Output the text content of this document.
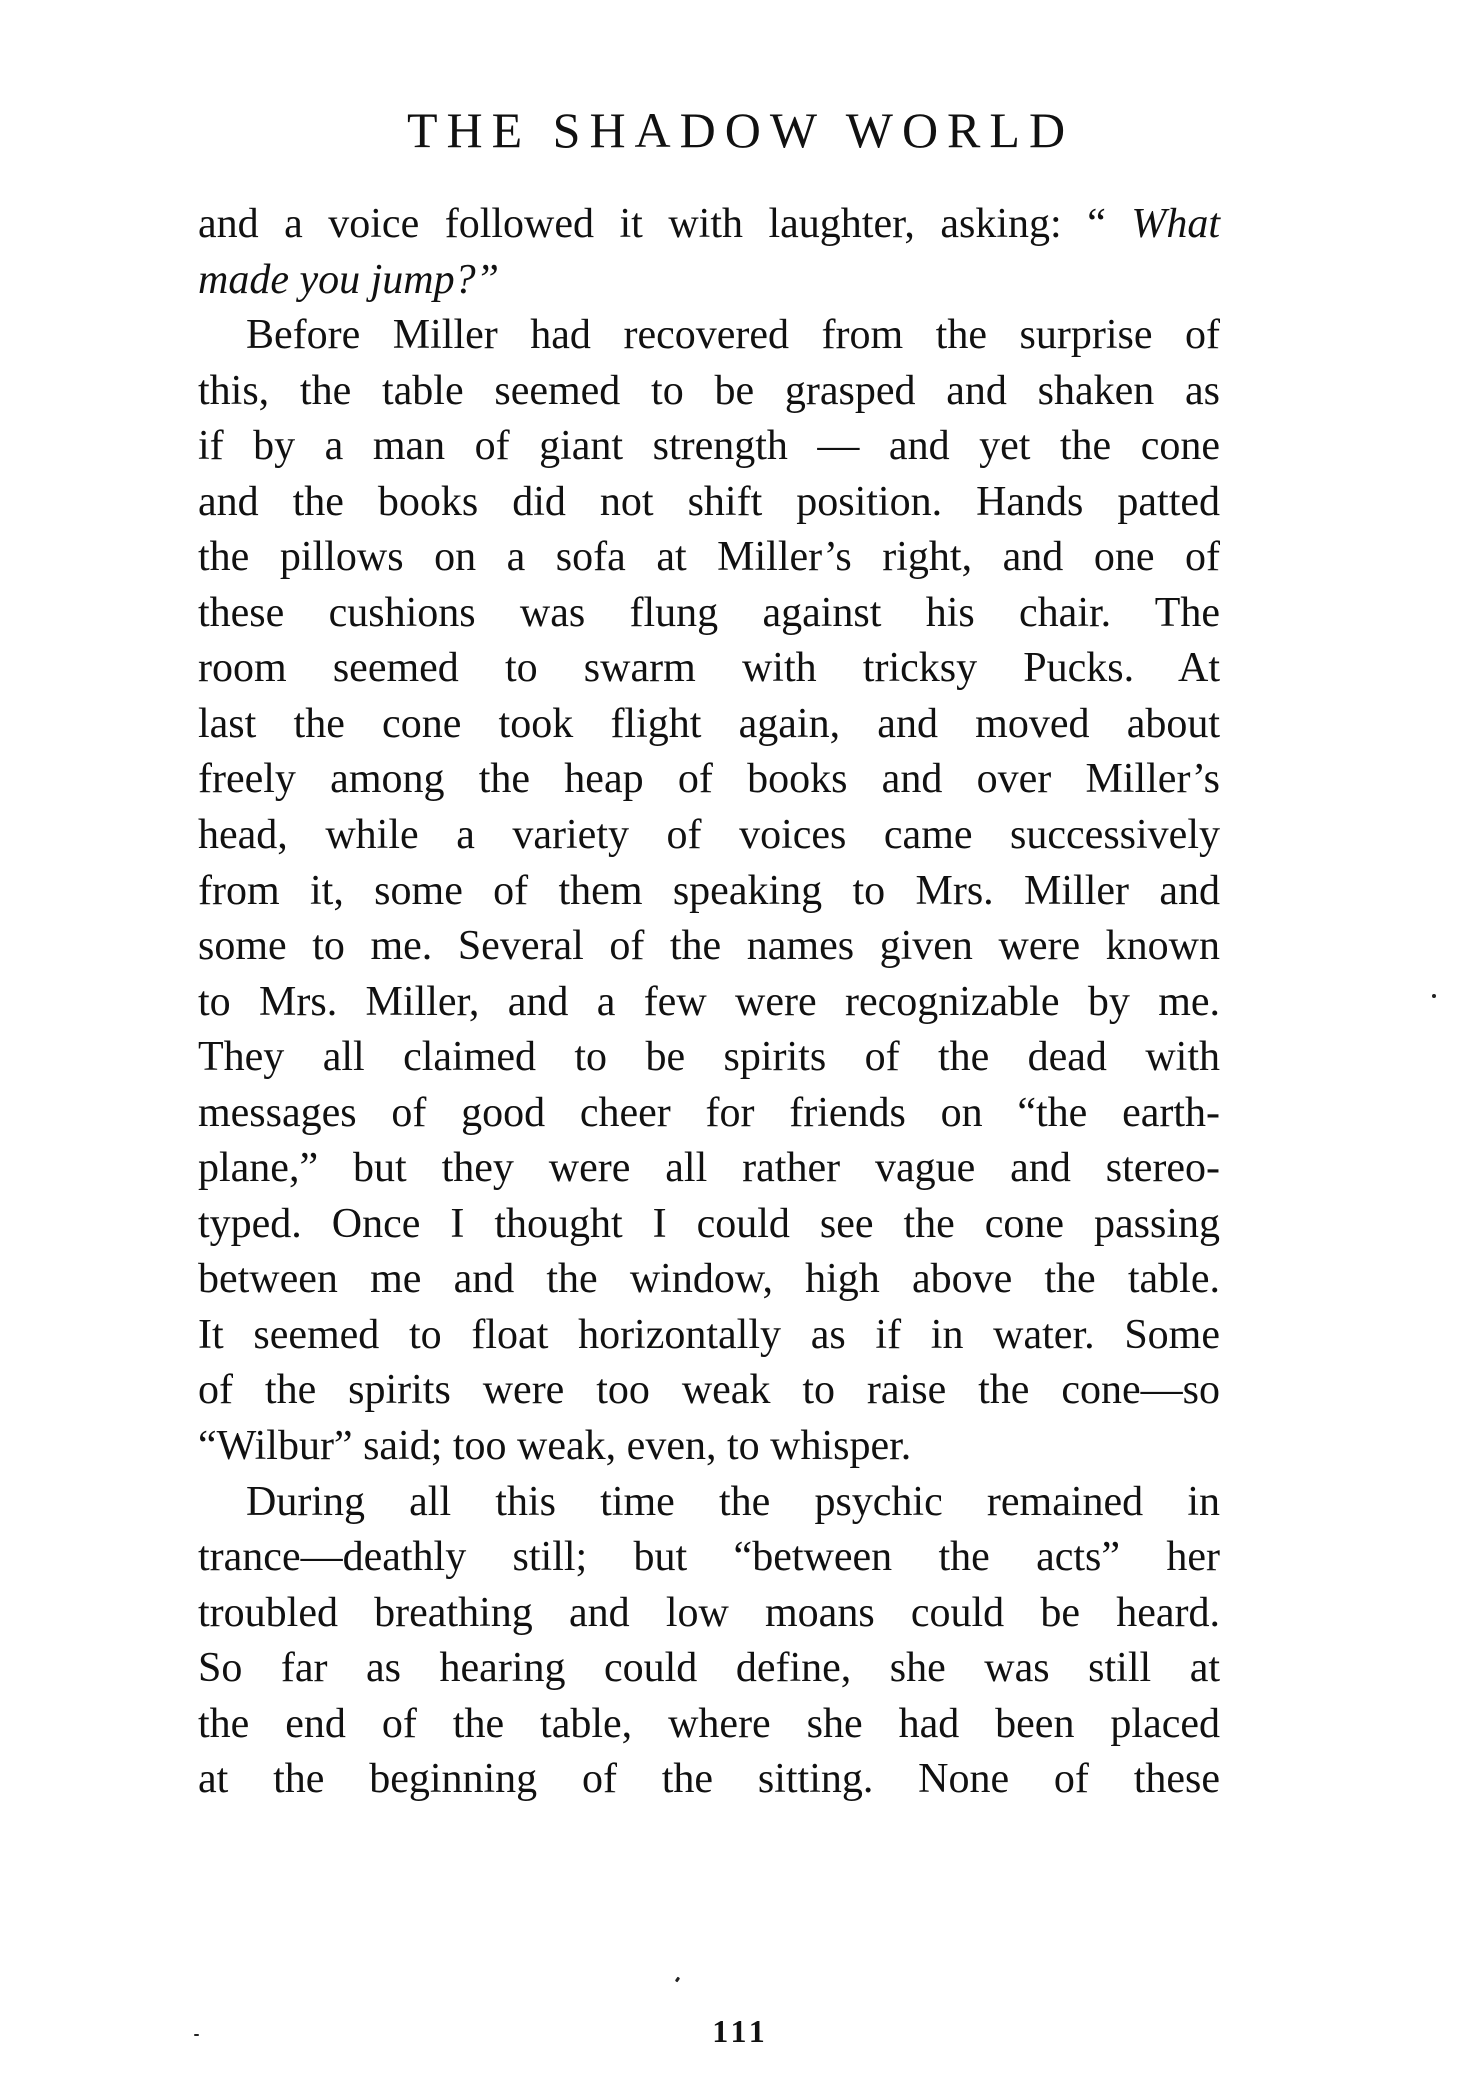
THE SHADOW WORLD
and a voice followed it with laughter, asking: “ What
made you jump?”
Before Miller had recovered from the surprise of
this, the table seemed to be grasped and shaken as
if by a man of giant strength — and yet the cone
and the books did not shift position. Hands patted
the pillows on a sofa at Miller’s right, and one of
these cushions was flung against his chair. The
room seemed to swarm with tricksy Pucks. At
last the cone took flight again, and moved about
freely among the heap of books and over Miller’s
head, while a variety of voices came successively
from it, some of them speaking to Mrs. Miller and
some to me. Several of the names given were known
to Mrs. Miller, and a few were recognizable by me.
They all claimed to be spirits of the dead with
messages of good cheer for friends on “the earth-
plane,” but they were all rather vague and stereo-
typed. Once I thought I could see the cone passing
between me and the window, high above the table.
It seemed to float horizontally as if in water. Some
of the spirits were too weak to raise the cone—so
“Wilbur” said; too weak, even, to whisper.
During all this time the psychic remained in
trance—deathly still; but “between the acts” her
troubled breathing and low moans could be heard.
So far as hearing could define, she was still at
the end of the table, where she had been placed
at the beginning of the sitting. None of these
111
